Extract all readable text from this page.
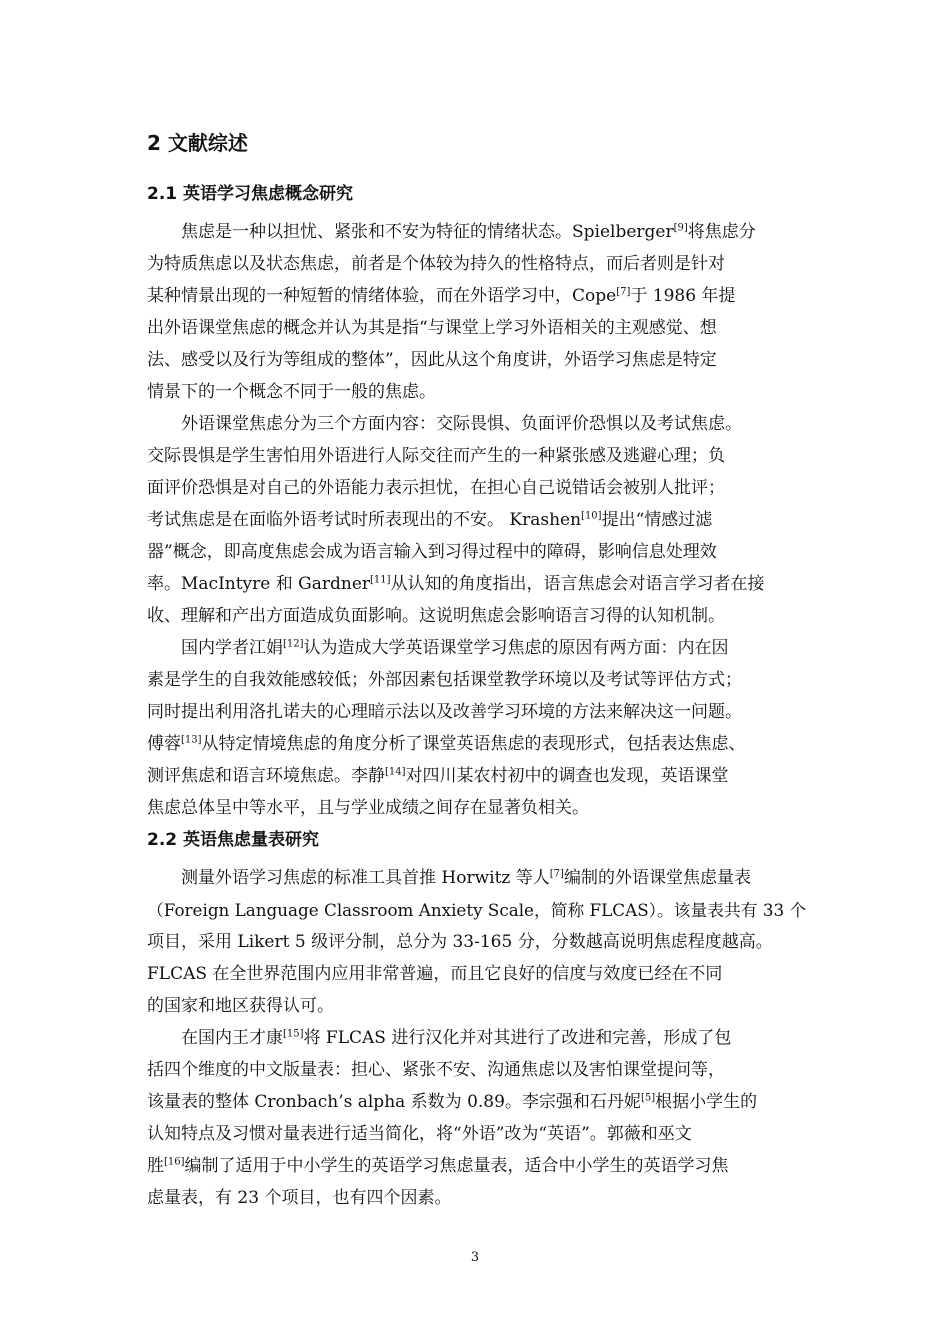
2 文献综述
2.1 英语学习焦虑概念研究
焦虑是一种以担忧、紧张和不安为特征的情绪状态。Spielberger[9]将焦虑分
为特质焦虑以及状态焦虑，前者是个体较为持久的性格特点，而后者则是针对
某种情景出现的一种短暂的情绪体验，而在外语学习中，Cope[7]于 1986 年提
出外语课堂焦虑的概念并认为其是指“与课堂上学习外语相关的主观感觉、想
法、感受以及行为等组成的整体”，因此从这个角度讲，外语学习焦虑是特定
情景下的一个概念不同于一般的焦虑。
外语课堂焦虑分为三个方面内容：交际畏惧、负面评价恐惧以及考试焦虑。
交际畏惧是学生害怕用外语进行人际交往而产生的一种紧张感及逃避心理；负
面评价恐惧是对自己的外语能力表示担忧，在担心自己说错话会被别人批评；
考试焦虑是在面临外语考试时所表现出的不安。 Krashen[10]提出“情感过滤
器”概念，即高度焦虑会成为语言输入到习得过程中的障碍，影响信息处理效
率。MacIntyre 和 Gardner[11]从认知的角度指出，语言焦虑会对语言学习者在接
收、理解和产出方面造成负面影响。这说明焦虑会影响语言习得的认知机制。
国内学者江娟[12]认为造成大学英语课堂学习焦虑的原因有两方面：内在因
素是学生的自我效能感较低；外部因素包括课堂教学环境以及考试等评估方式；
同时提出利用洛扎诺夫的心理暗示法以及改善学习环境的方法来解决这一问题。
傅蓉[13]从特定情境焦虑的角度分析了课堂英语焦虑的表现形式，包括表达焦虑、
测评焦虑和语言环境焦虑。李静[14]对四川某农村初中的调查也发现，英语课堂
焦虑总体呈中等水平，且与学业成绩之间存在显著负相关。
2.2 英语焦虑量表研究
测量外语学习焦虑的标准工具首推 Horwitz 等人[7]编制的外语课堂焦虑量表
（Foreign Language Classroom Anxiety Scale，简称 FLCAS）。该量表共有 33 个
项目，采用 Likert 5 级评分制，总分为 33-165 分，分数越高说明焦虑程度越高。
FLCAS 在全世界范围内应用非常普遍，而且它良好的信度与效度已经在不同
的国家和地区获得认可。
在国内王才康[15]将 FLCAS 进行汉化并对其进行了改进和完善，形成了包
括四个维度的中文版量表：担心、紧张不安、沟通焦虑以及害怕课堂提问等，
该量表的整体 Cronbach’s alpha 系数为 0.89。李宗强和石丹妮[5]根据小学生的
认知特点及习惯对量表进行适当简化，将“外语”改为“英语”。郭薇和巫文
胜[16]编制了适用于中小学生的英语学习焦虑量表，适合中小学生的英语学习焦
虑量表，有 23 个项目，也有四个因素。
3
